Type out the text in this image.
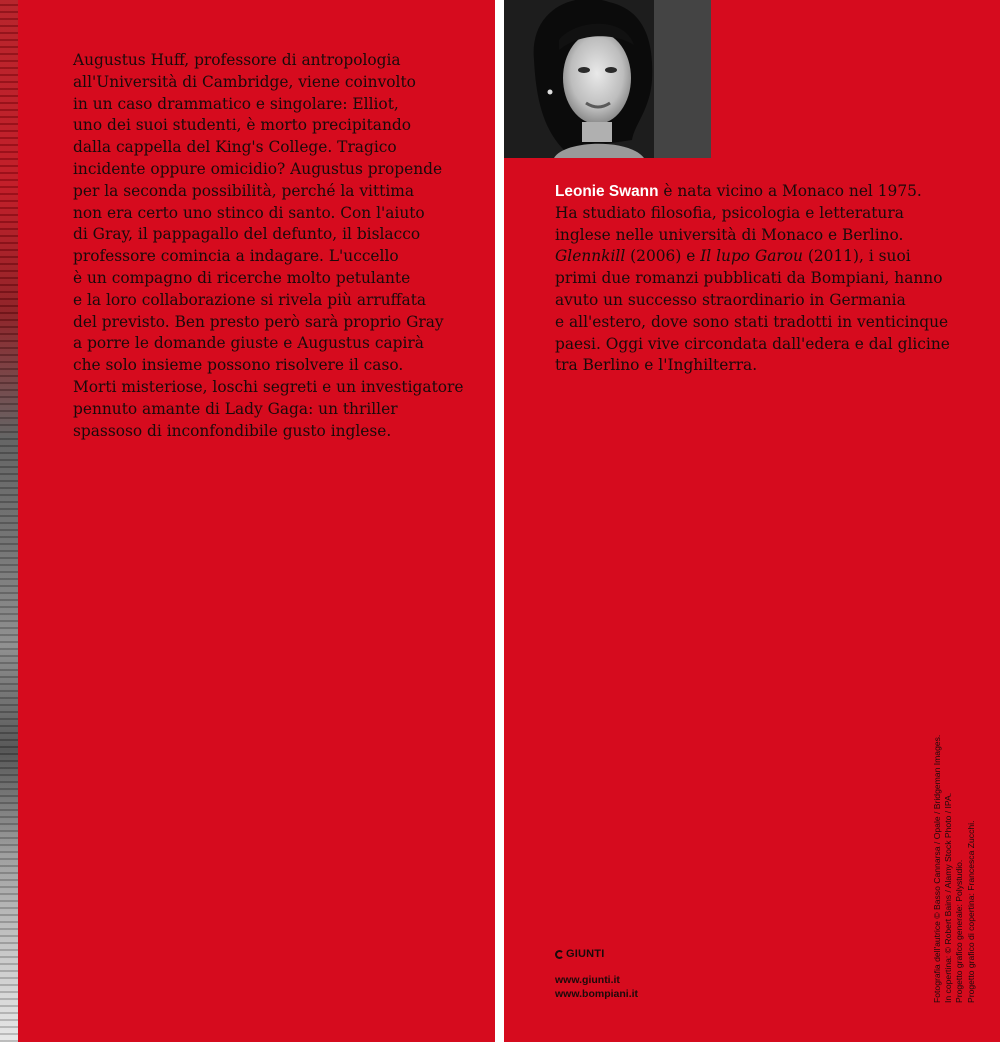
Augustus Huff, professore di antropologia
all'Università di Cambridge, viene coinvolto
in un caso drammatico e singolare: Elliot,
uno dei suoi studenti, è morto precipitando
dalla cappella del King's College. Tragico
incidente oppure omicidio? Augustus propende
per la seconda possibilità, perché la vittima
non era certo uno stinco di santo. Con l'aiuto
di Gray, il pappagallo del defunto, il bislacco
professore comincia a indagare. L'uccello
è un compagno di ricerche molto petulante
e la loro collaborazione si rivela più arruffata
del previsto. Ben presto però sarà proprio Gray
a porre le domande giuste e Augustus capirà
che solo insieme possono risolvere il caso.
Morti misteriose, loschi segreti e un investigatore
pennuto amante di Lady Gaga: un thriller
spassoso di inconfondibile gusto inglese.
Leonie Swann è nata vicino a Monaco nel 1975.
Ha studiato filosofia, psicologia e letteratura
inglese nelle università di Monaco e Berlino.
Glennkill (2006) e Il lupo Garou (2011), i suoi
primi due romanzi pubblicati da Bompiani, hanno
avuto un successo straordinario in Germania
e all'estero, dove sono stati tradotti in venticinque
paesi. Oggi vive circondata dall'edera e dal glicine
tra Berlino e l'Inghilterra.
GIUNTI
www.giunti.it
www.bompiani.it	Fotografia dell'autrice © Basso Cannarsa / Opale / Bridgeman Images. In copertina: © Robert Bains / Alamy Stock Photo / IPA. Progetto grafico generale: Polystudio. Progetto grafico di copertina: Francesca Zucchi.
